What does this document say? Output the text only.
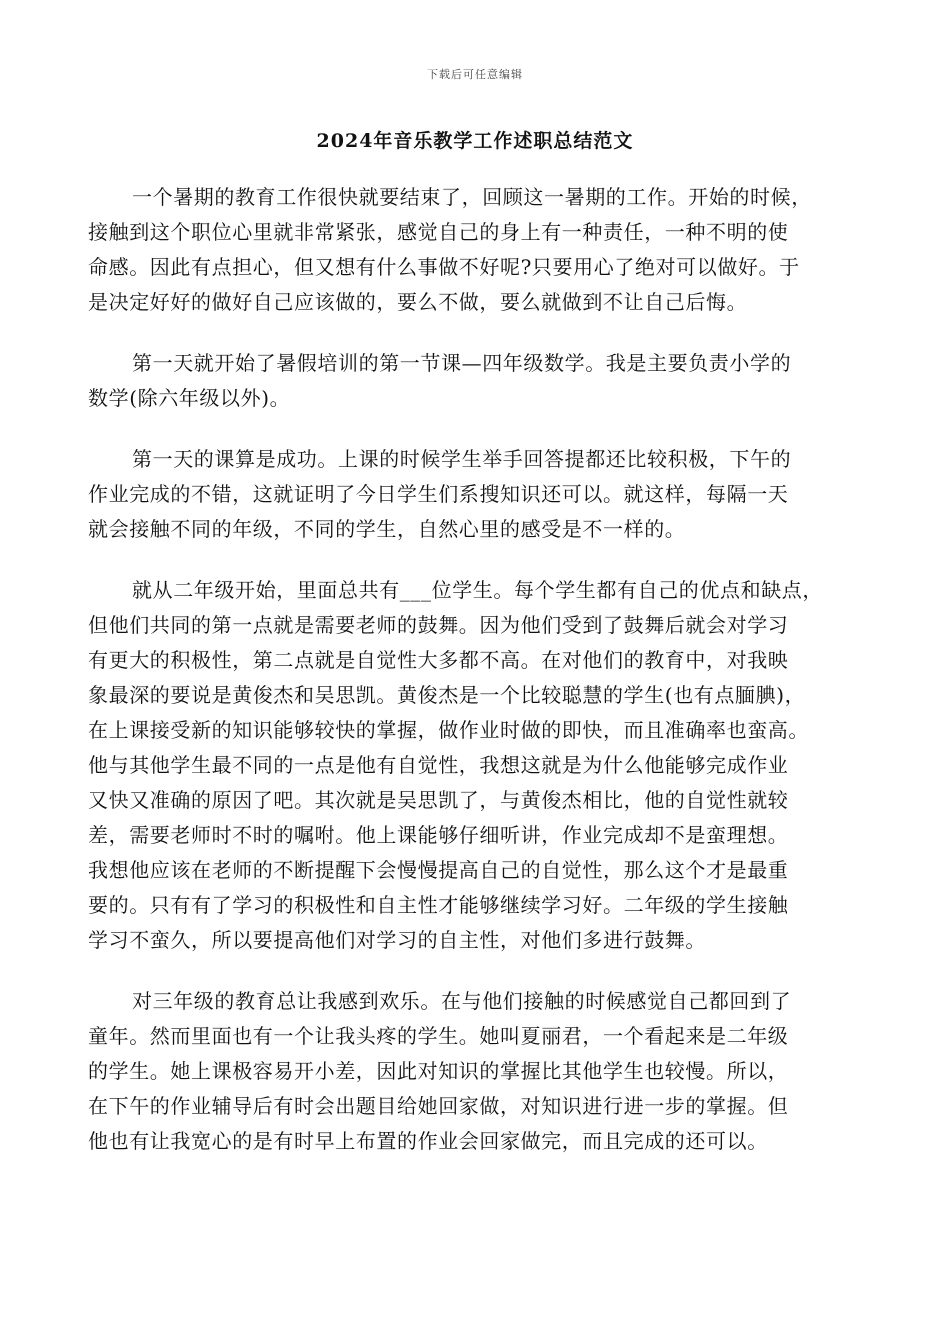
下载后可任意编辑
2024年音乐教学工作述职总结范文
一个暑期的教育工作很快就要结束了，回顾这一暑期的工作。开始的时候，
接触到这个职位心里就非常紧张，感觉自己的身上有一种责任，一种不明的使
命感。因此有点担心，但又想有什么事做不好呢?只要用心了绝对可以做好。于
是决定好好的做好自己应该做的，要么不做，要么就做到不让自己后悔。
第一天就开始了暑假培训的第一节课—四年级数学。我是主要负责小学的
数学(除六年级以外)。
第一天的课算是成功。上课的时候学生举手回答提都还比较积极，下午的
作业完成的不错，这就证明了今日学生们系搜知识还可以。就这样，每隔一天
就会接触不同的年级，不同的学生，自然心里的感受是不一样的。
就从二年级开始，里面总共有___位学生。每个学生都有自己的优点和缺点，
但他们共同的第一点就是需要老师的鼓舞。因为他们受到了鼓舞后就会对学习
有更大的积极性，第二点就是自觉性大多都不高。在对他们的教育中，对我映
象最深的要说是黄俊杰和吴思凯。黄俊杰是一个比较聪慧的学生(也有点腼腆)，
在上课接受新的知识能够较快的掌握，做作业时做的即快，而且准确率也蛮高。
他与其他学生最不同的一点是他有自觉性，我想这就是为什么他能够完成作业
又快又准确的原因了吧。其次就是吴思凯了，与黄俊杰相比，他的自觉性就较
差，需要老师时不时的嘱咐。他上课能够仔细听讲，作业完成却不是蛮理想。
我想他应该在老师的不断提醒下会慢慢提高自己的自觉性，那么这个才是最重
要的。只有有了学习的积极性和自主性才能够继续学习好。二年级的学生接触
学习不蛮久，所以要提高他们对学习的自主性，对他们多进行鼓舞。
对三年级的教育总让我感到欢乐。在与他们接触的时候感觉自己都回到了
童年。然而里面也有一个让我头疼的学生。她叫夏丽君，一个看起来是二年级
的学生。她上课极容易开小差，因此对知识的掌握比其他学生也较慢。所以，
在下午的作业辅导后有时会出题目给她回家做，对知识进行进一步的掌握。但
他也有让我宽心的是有时早上布置的作业会回家做完，而且完成的还可以。
